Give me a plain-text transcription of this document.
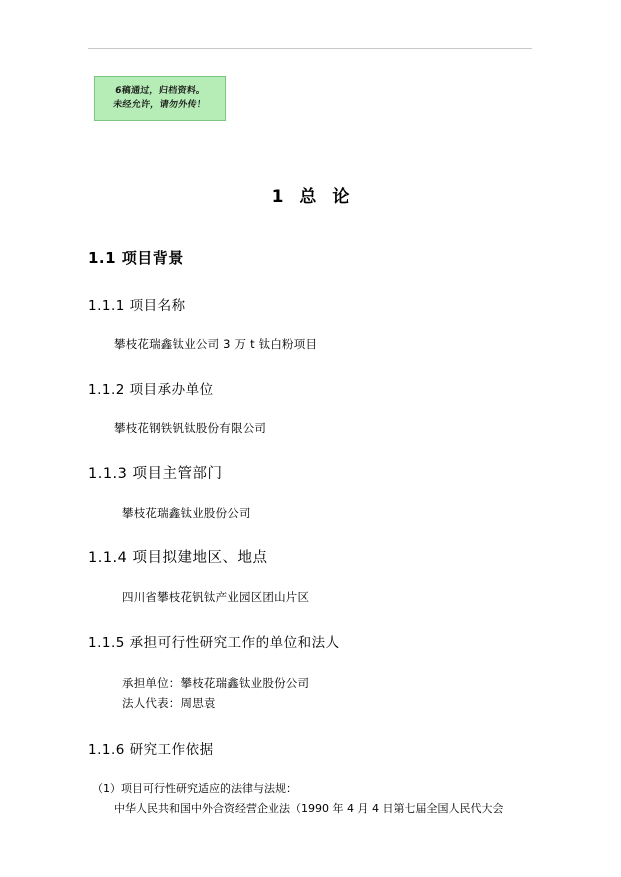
6稿通过，归档资料。
未经允许，请勿外传！
1 总 论
1.1 项目背景
1.1.1 项目名称
攀枝花瑞鑫钛业公司 3 万 t 钛白粉项目
1.1.2 项目承办单位
攀枝花钢铁钒钛股份有限公司
1.1.3 项目主管部门
攀枝花瑞鑫钛业股份公司
1.1.4 项目拟建地区、地点
四川省攀枝花钒钛产业园区团山片区
1.1.5 承担可行性研究工作的单位和法人
承担单位：攀枝花瑞鑫钛业股份公司
法人代表：周思袁
1.1.6 研究工作依据
（1）项目可行性研究适应的法律与法规：
中华人民共和国中外合资经营企业法（1990 年 4 月 4 日第七届全国人民代大会
